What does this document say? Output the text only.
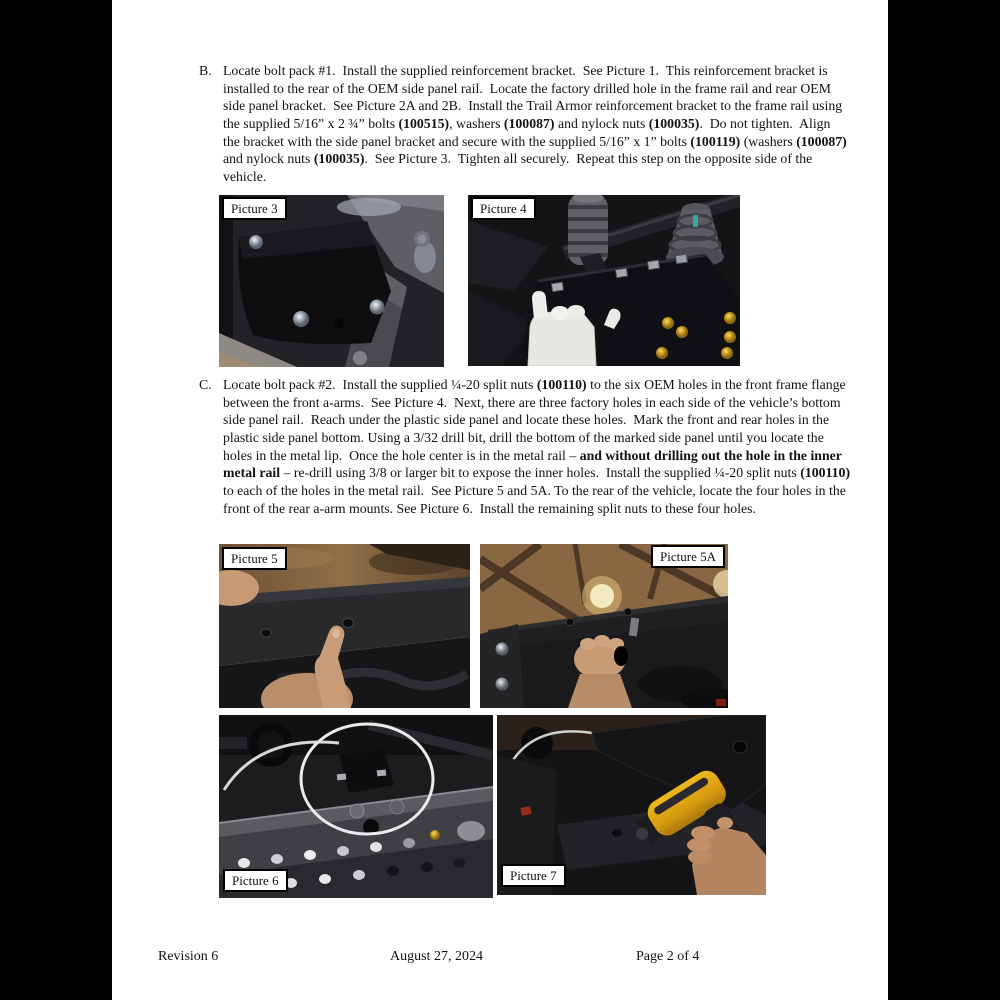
B. Locate bolt pack #1.  Install the supplied reinforcement bracket.  See Picture 1.  This reinforcement bracket is installed to the rear of the OEM side panel rail.  Locate the factory drilled hole in the frame rail and rear OEM side panel bracket.  See Picture 2A and 2B.  Install the Trail Armor reinforcement bracket to the frame rail using the supplied 5/16” x 2 ¾” bolts (100515), washers (100087) and nylock nuts (100035).  Do not tighten.  Align the bracket with the side panel bracket and secure with the supplied 5/16” x 1” bolts (100119) (washers (100087) and nylock nuts (100035).  See Picture 3.  Tighten all securely.  Repeat this step on the opposite side of the vehicle.
Picture 3	Picture 4
C. Locate bolt pack #2.  Install the supplied ¼-20 split nuts (100110) to the six OEM holes in the front frame flange between the front a-arms.  See Picture 4.  Next, there are three factory holes in each side of the vehicle’s bottom side panel rail.  Reach under the plastic side panel and locate these holes.  Mark the front and rear holes in the plastic side panel bottom. Using a 3/32 drill bit, drill the bottom of the marked side panel until you locate the holes in the metal lip.  Once the hole center is in the metal rail – and without drilling out the hole in the inner metal rail – re-drill using 3/8 or larger bit to expose the inner holes.  Install the supplied ¼-20 split nuts (100110) to each of the holes in the metal rail.  See Picture 5 and 5A. To the rear of the vehicle, locate the four holes in the front of the rear a-arm mounts. See Picture 6.  Install the remaining split nuts to these four holes.
Picture 5	Picture 5A
Picture 6	Picture 7
Revision 6	August 27, 2024	Page 2 of 4
